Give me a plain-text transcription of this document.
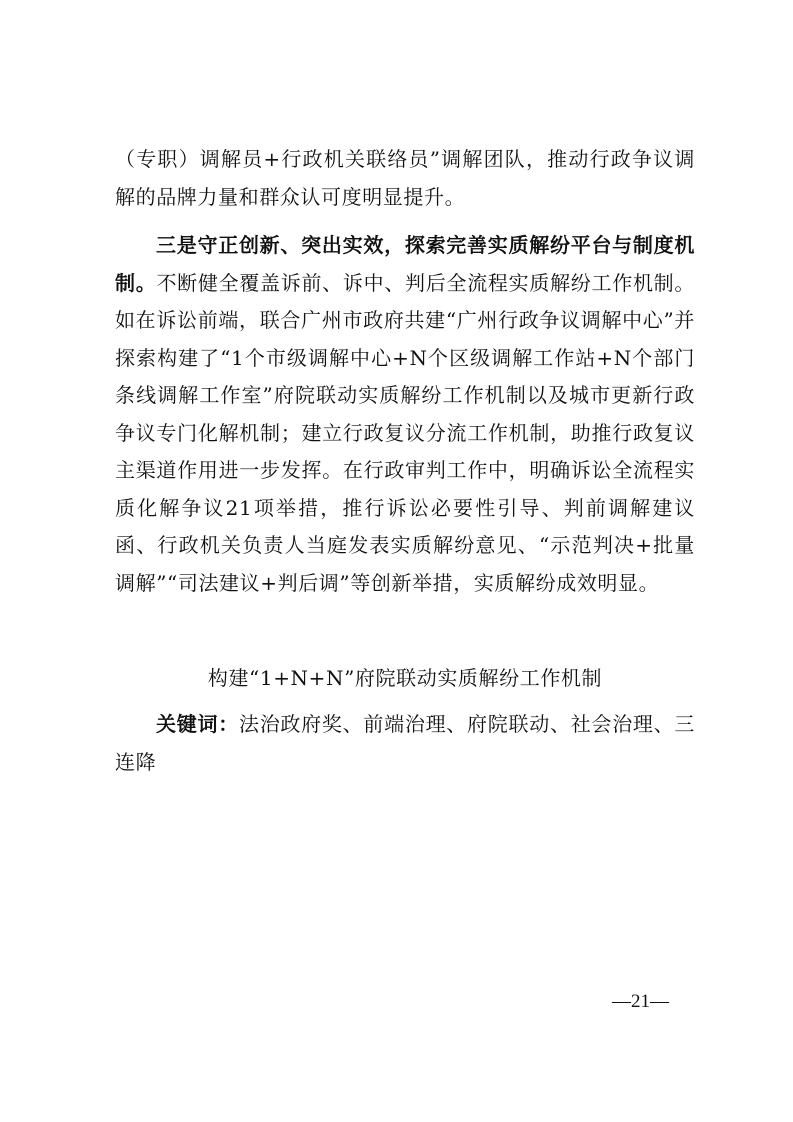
（专职）调解员+行政机关联络员”调解团队，推动行政争议调解的品牌力量和群众认可度明显提升。

三是守正创新、突出实效，探索完善实质解纷平台与制度机制。不断健全覆盖诉前、诉中、判后全流程实质解纷工作机制。如在诉讼前端，联合广州市政府共建“广州行政争议调解中心”并探索构建了“1个市级调解中心+N个区级调解工作站+N个部门条线调解工作室”府院联动实质解纷工作机制以及城市更新行政争议专门化解机制；建立行政复议分流工作机制，助推行政复议主渠道作用进一步发挥。在行政审判工作中，明确诉讼全流程实质化解争议21项举措，推行诉讼必要性引导、判前调解建议函、行政机关负责人当庭发表实质解纷意见、“示范判决+批量调解”“司法建议+判后调”等创新举措，实质解纷成效明显。

构建“1+N+N”府院联动实质解纷工作机制

关键词：法治政府奖、前端治理、府院联动、社会治理、三连降

—21—
